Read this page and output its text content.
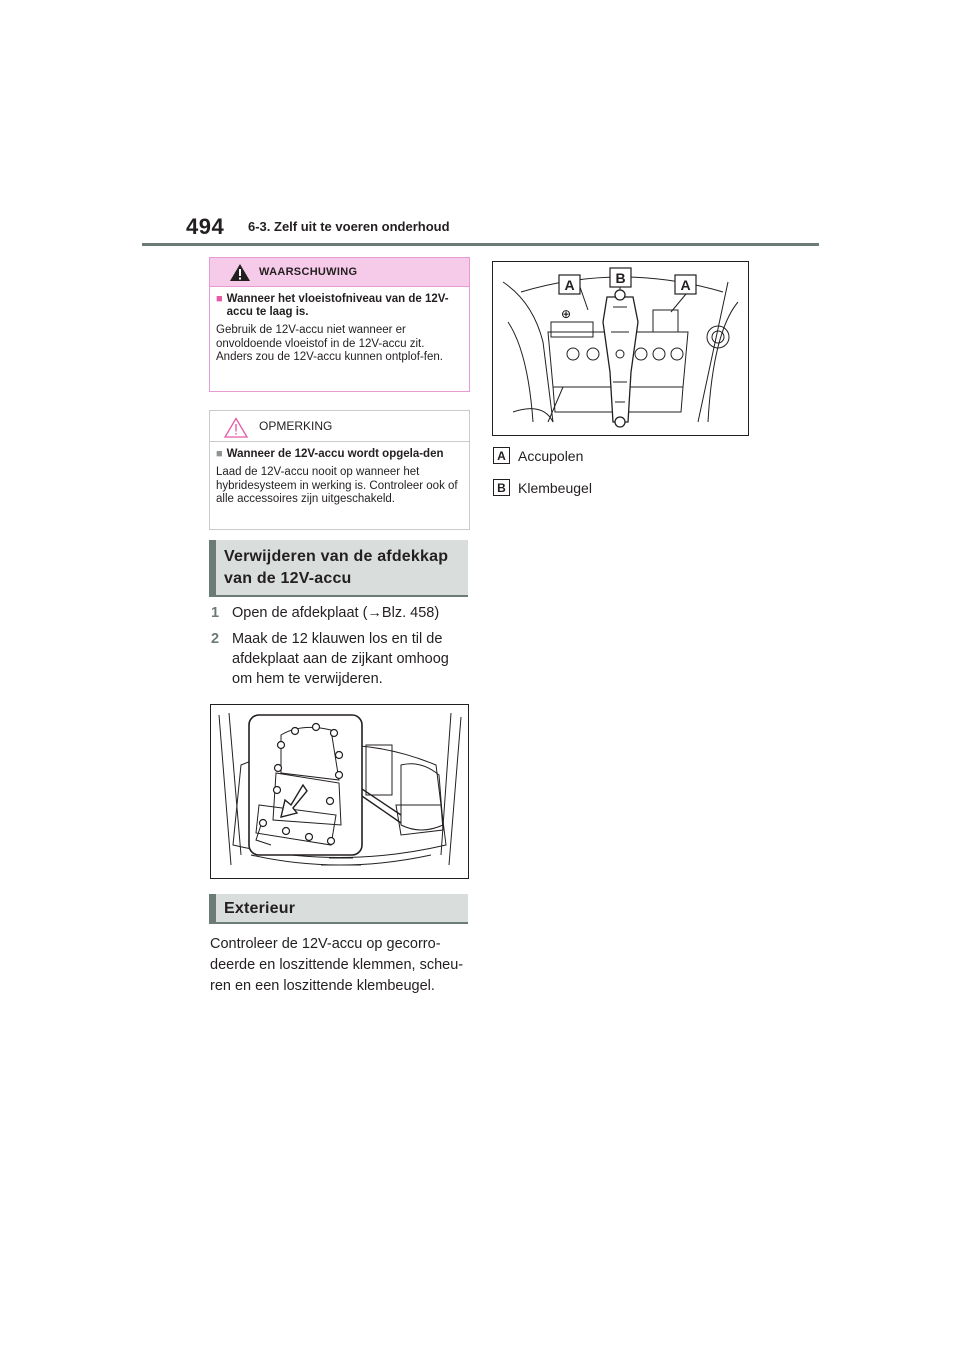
494 6-3. Zelf uit te voeren onderhoud
WAARSCHUWING
■ Wanneer het vloeistofniveau van de 12V-accu te laag is.
Gebruik de 12V-accu niet wanneer er onvoldoende vloeistof in de 12V-accu zit. Anders zou de 12V-accu kunnen ontplof-fen.
OPMERKING
■ Wanneer de 12V-accu wordt opgela-den
Laad de 12V-accu nooit op wanneer het hybridesysteem in werking is. Controleer ook of alle accessoires zijn uitgeschakeld.
Verwijderen van de afdekkap
van de 12V-accu
1 Open de afdekplaat (→Blz. 458)
2 Maak de 12 klauwen los en til de afdekplaat aan de zijkant omhoog om hem te verwijderen.
Exterieur
Controleer de 12V-accu op gecorro-deerde en loszittende klemmen, scheu-ren en een loszittende klembeugel.
⊕
A	B	A
A Accupolen
B Klembeugel
